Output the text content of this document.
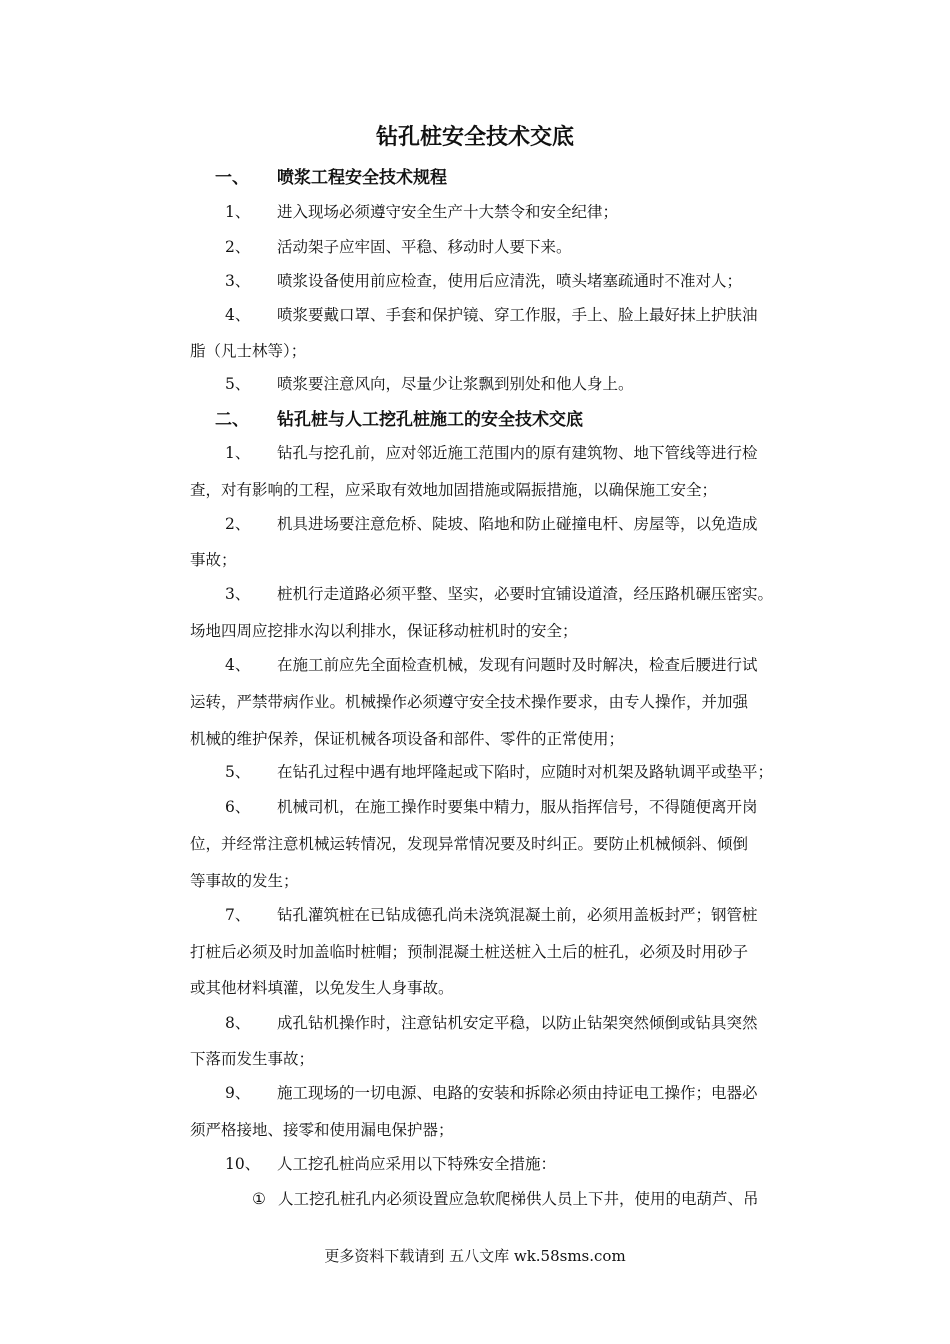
钻孔桩安全技术交底
一、 喷浆工程安全技术规程
1、 进入现场必须遵守安全生产十大禁令和安全纪律；
2、 活动架子应牢固、平稳、移动时人要下来。
3、 喷浆设备使用前应检查，使用后应清洗，喷头堵塞疏通时不准对人；
4、 喷浆要戴口罩、手套和保护镜、穿工作服，手上、脸上最好抹上护肤油
脂（凡士林等）；
5、 喷浆要注意风向，尽量少让浆飘到别处和他人身上。
二、 钻孔桩与人工挖孔桩施工的安全技术交底
1、 钻孔与挖孔前，应对邻近施工范围内的原有建筑物、地下管线等进行检
查，对有影响的工程，应采取有效地加固措施或隔振措施，以确保施工安全；
2、 机具进场要注意危桥、陡坡、陷地和防止碰撞电杆、房屋等，以免造成
事故；
3、 桩机行走道路必须平整、坚实，必要时宜铺设道渣，经压路机碾压密实。
场地四周应挖排水沟以利排水，保证移动桩机时的安全；
4、 在施工前应先全面检查机械，发现有问题时及时解决，检查后腰进行试
运转，严禁带病作业。机械操作必须遵守安全技术操作要求，由专人操作，并加强
机械的维护保养，保证机械各项设备和部件、零件的正常使用；
5、 在钻孔过程中遇有地坪隆起或下陷时，应随时对机架及路轨调平或垫平；
6、 机械司机，在施工操作时要集中精力，服从指挥信号，不得随便离开岗
位，并经常注意机械运转情况，发现异常情况要及时纠正。要防止机械倾斜、倾倒
等事故的发生；
7、 钻孔灌筑桩在已钻成德孔尚未浇筑混凝土前，必须用盖板封严；钢管桩
打桩后必须及时加盖临时桩帽；预制混凝土桩送桩入土后的桩孔，必须及时用砂子
或其他材料填灌，以免发生人身事故。
8、 成孔钻机操作时，注意钻机安定平稳，以防止钻架突然倾倒或钻具突然
下落而发生事故；
9、 施工现场的一切电源、电路的安装和拆除必须由持证电工操作；电器必
须严格接地、接零和使用漏电保护器；
10、 人工挖孔桩尚应采用以下特殊安全措施：
① 人工挖孔桩孔内必须设置应急软爬梯供人员上下井，使用的电葫芦、吊
更多资料下载请到 五八文库 wk.58sms.com
